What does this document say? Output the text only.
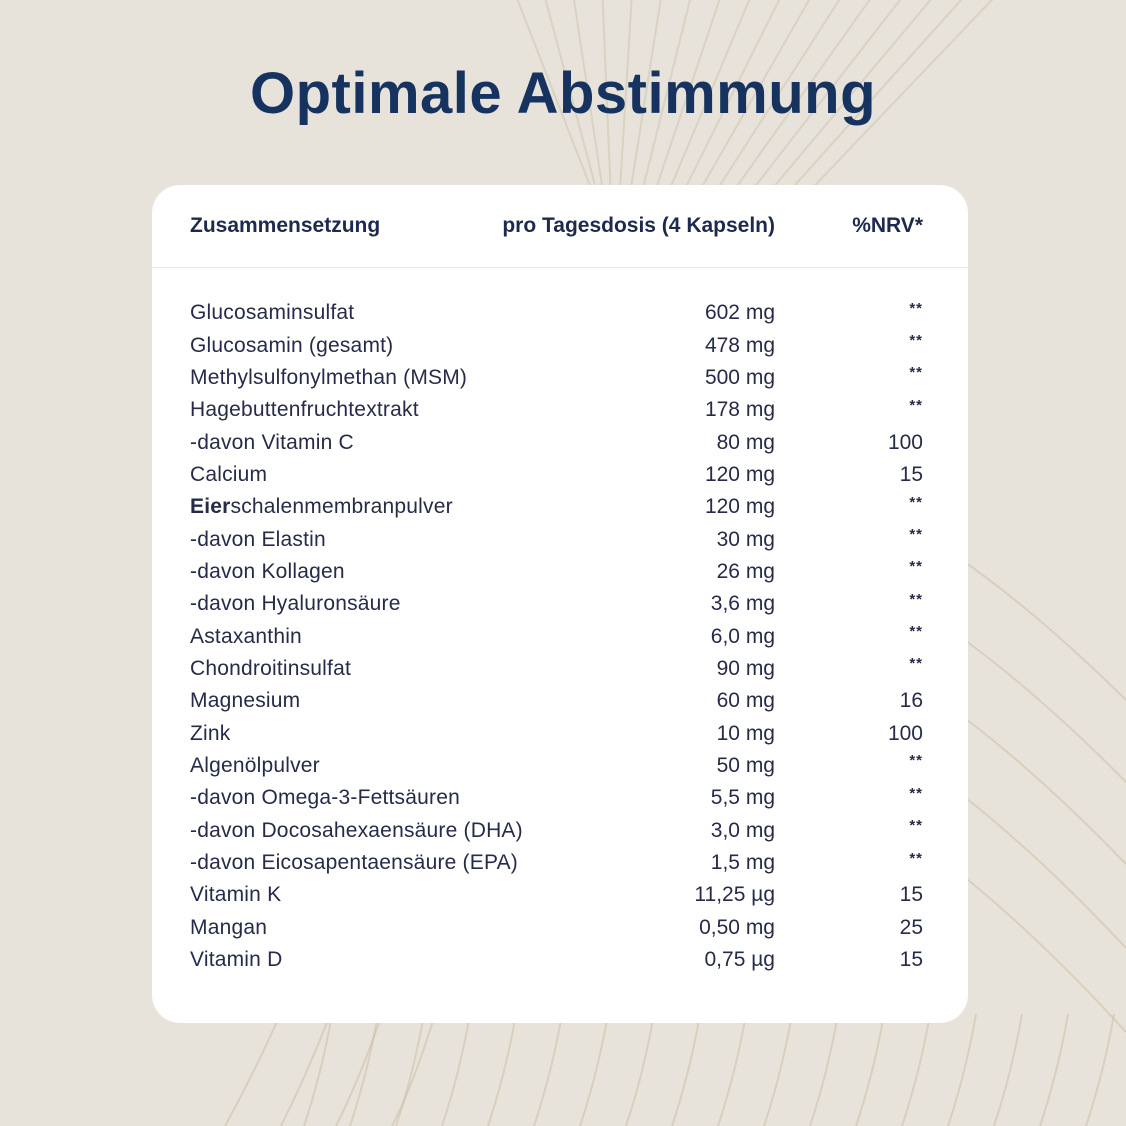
Optimale Abstimmung
Zusammensetzung	pro Tagesdosis (4 Kapseln)	%NRV*
Glucosaminsulfat	602 mg	**
Glucosamin (gesamt)	478 mg	**
Methylsulfonylmethan (MSM)	500 mg	**
Hagebuttenfruchtextrakt	178 mg	**
-davon Vitamin C	80 mg	100
Calcium	120 mg	15
Eierschalenmembranpulver	120 mg	**
-davon Elastin	30 mg	**
-davon Kollagen	26 mg	**
-davon Hyaluronsäure	3,6 mg	**
Astaxanthin	6,0 mg	**
Chondroitinsulfat	90 mg	**
Magnesium	60 mg	16
Zink	10 mg	100
Algenölpulver	50 mg	**
-davon Omega-3-Fettsäuren	5,5 mg	**
-davon Docosahexaensäure (DHA)	3,0 mg	**
-davon Eicosapentaensäure (EPA)	1,5 mg	**
Vitamin K	11,25 µg	15
Mangan	0,50 mg	25
Vitamin D	0,75 µg	15
